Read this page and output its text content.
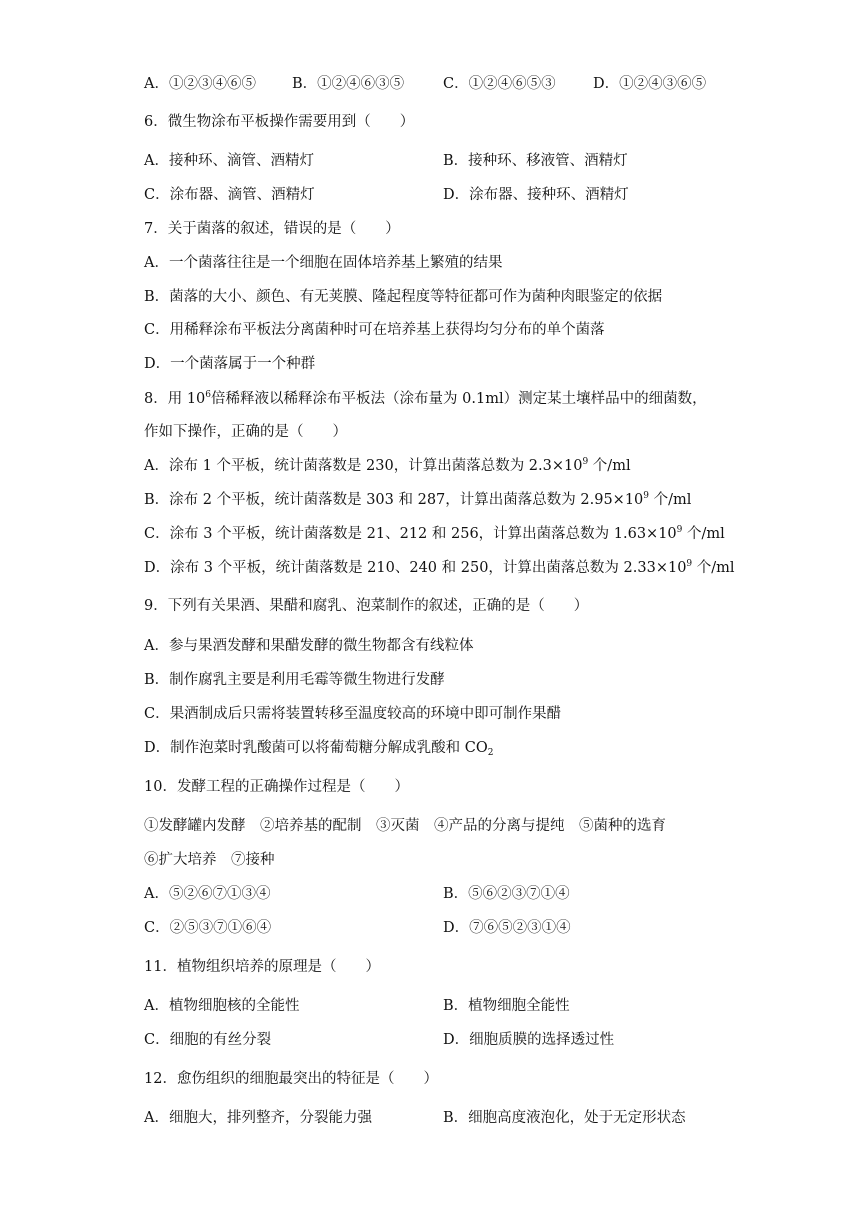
A．①②③④⑥⑤ B．①②④⑥③⑤	C．①②④⑥⑤③	D．①②④③⑥⑤
6．微生物涂布平板操作需要用到（　　）
A．接种环、滴管、酒精灯	B．接种环、移液管、酒精灯
C．涂布器、滴管、酒精灯	D．涂布器、接种环、酒精灯
7．关于菌落的叙述，错误的是（　　）
A．一个菌落往往是一个细胞在固体培养基上繁殖的结果
B．菌落的大小、颜色、有无荚膜、隆起程度等特征都可作为菌种肉眼鉴定的依据
C．用稀释涂布平板法分离菌种时可在培养基上获得均匀分布的单个菌落
D．一个菌落属于一个种群
8．用 $10^6$倍稀释液以稀释涂布平板法（涂布量为 0.1ml）测定某土壤样品中的细菌数，
作如下操作，正确的是（　　）
A．涂布 1 个平板，统计菌落数是 230，计算出菌落总数为 $2.3\times 10^9$ 个/ml
B．涂布 2 个平板，统计菌落数是 303 和 287，计算出菌落总数为 $2.95\times 10^9$ 个/ml
C．涂布 3 个平板，统计菌落数是 21、212 和 256，计算出菌落总数为 $1.63\times 10^9$ 个/ml
D．涂布 3 个平板，统计菌落数是 210、240 和 250，计算出菌落总数为 $2.33\times 10^9$ 个/ml
9．下列有关果酒、果醋和腐乳、泡菜制作的叙述，正确的是（　　）
A．参与果酒发酵和果醋发酵的微生物都含有线粒体
B．制作腐乳主要是利用毛霉等微生物进行发酵
C．果酒制成后只需将装置转移至温度较高的环境中即可制作果醋
D．制作泡菜时乳酸菌可以将葡萄糖分解成乳酸和 $CO_2$
10．发酵工程的正确操作过程是（　　）
①发酵罐内发酵　②培养基的配制　③灭菌　④产品的分离与提纯　⑤菌种的选育
⑥扩大培养　⑦接种
A．⑤②⑥⑦①③④	B．⑤⑥②③⑦①④
C．②⑤③⑦①⑥④	D．⑦⑥⑤②③①④
11．植物组织培养的原理是（　　）
A．植物细胞核的全能性	B．植物细胞全能性
C．细胞的有丝分裂	D．细胞质膜的选择透过性
12．愈伤组织的细胞最突出的特征是（　　）
A．细胞大，排列整齐，分裂能力强	B．细胞高度液泡化，处于无定形状态
